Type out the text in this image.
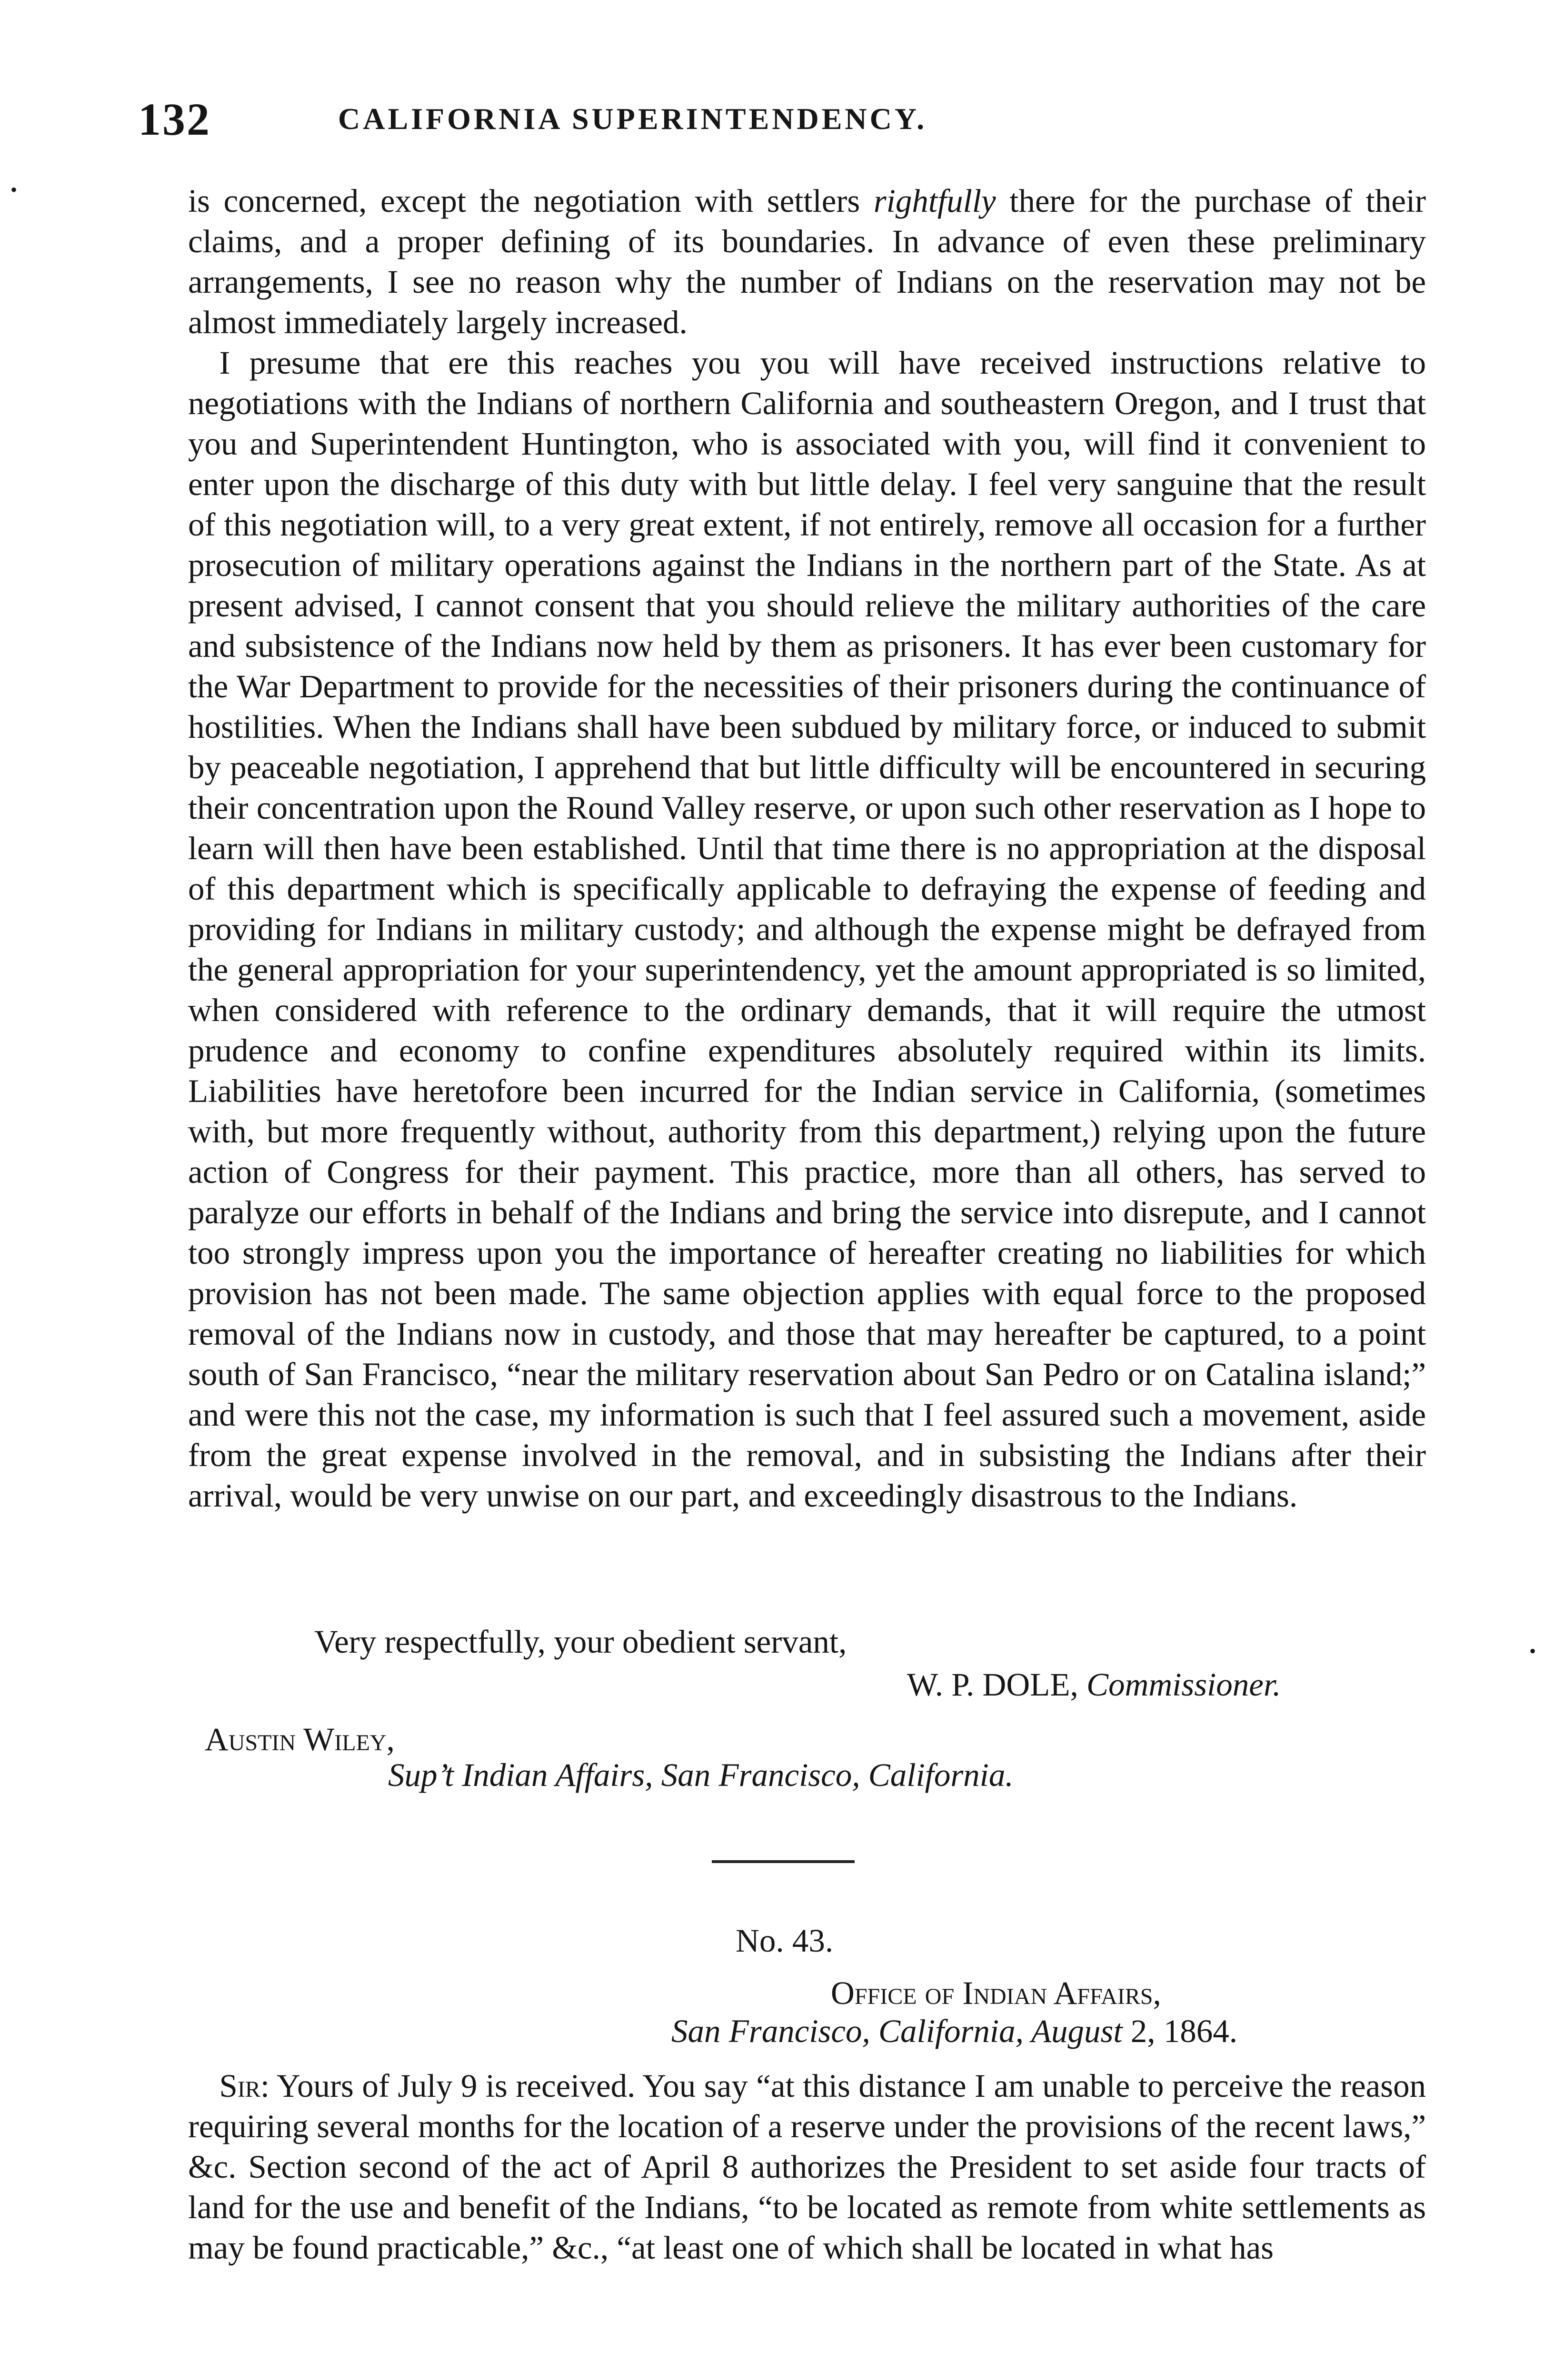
132	CALIFORNIA SUPERINTENDENCY.
•
•

is concerned, except the negotiation with settlers rightfully there for the purchase of their claims, and a proper defining of its boundaries. In advance of even these preliminary arrangements, I see no reason why the number of Indians on the reservation may not be almost immediately largely increased.

I presume that ere this reaches you you will have received instructions relative to negotiations with the Indians of northern California and southeastern Oregon, and I trust that you and Superintendent Huntington, who is associated with you, will find it convenient to enter upon the discharge of this duty with but little delay. I feel very sanguine that the result of this negotiation will, to a very great extent, if not entirely, remove all occasion for a further prosecution of military operations against the Indians in the northern part of the State. As at present advised, I cannot consent that you should relieve the military authorities of the care and subsistence of the Indians now held by them as prisoners. It has ever been customary for the War Department to provide for the necessities of their prisoners during the continuance of hostilities. When the Indians shall have been subdued by military force, or induced to submit by peaceable negotiation, I apprehend that but little difficulty will be encountered in securing their concentration upon the Round Valley reserve, or upon such other reservation as I hope to learn will then have been established. Until that time there is no appropriation at the disposal of this department which is specifically applicable to defraying the expense of feeding and providing for Indians in military custody; and although the expense might be defrayed from the general appropriation for your superintendency, yet the amount appropriated is so limited, when considered with reference to the ordinary demands, that it will require the utmost prudence and economy to confine expenditures absolutely required within its limits. Liabilities have heretofore been incurred for the Indian service in California, (sometimes with, but more frequently without, authority from this department,) relying upon the future action of Congress for their payment. This practice, more than all others, has served to paralyze our efforts in behalf of the Indians and bring the service into disrepute, and I cannot too strongly impress upon you the importance of hereafter creating no liabilities for which provision has not been made. The same objection applies with equal force to the proposed removal of the Indians now in custody, and those that may hereafter be captured, to a point south of San Francisco, “near the military reservation about San Pedro or on Catalina island;” and were this not the case, my information is such that I feel assured such a movement, aside from the great expense involved in the removal, and in subsisting the Indians after their arrival, would be very unwise on our part, and exceedingly disastrous to the Indians.

Very respectfully, your obedient servant,
W. P. DOLE, Commissioner.
Austin Wiley,
Sup’t Indian Affairs, San Francisco, California.
No. 43.
Office of Indian Affairs,
San Francisco, California, August 2, 1864.

Sir: Yours of July 9 is received. You say “at this distance I am unable to perceive the reason requiring several months for the location of a reserve under the provisions of the recent laws,” &c. Section second of the act of April 8 authorizes the President to set aside four tracts of land for the use and benefit of the Indians, “to be located as remote from white settlements as may be found practicable,” &c., “at least one of which shall be located in what has
